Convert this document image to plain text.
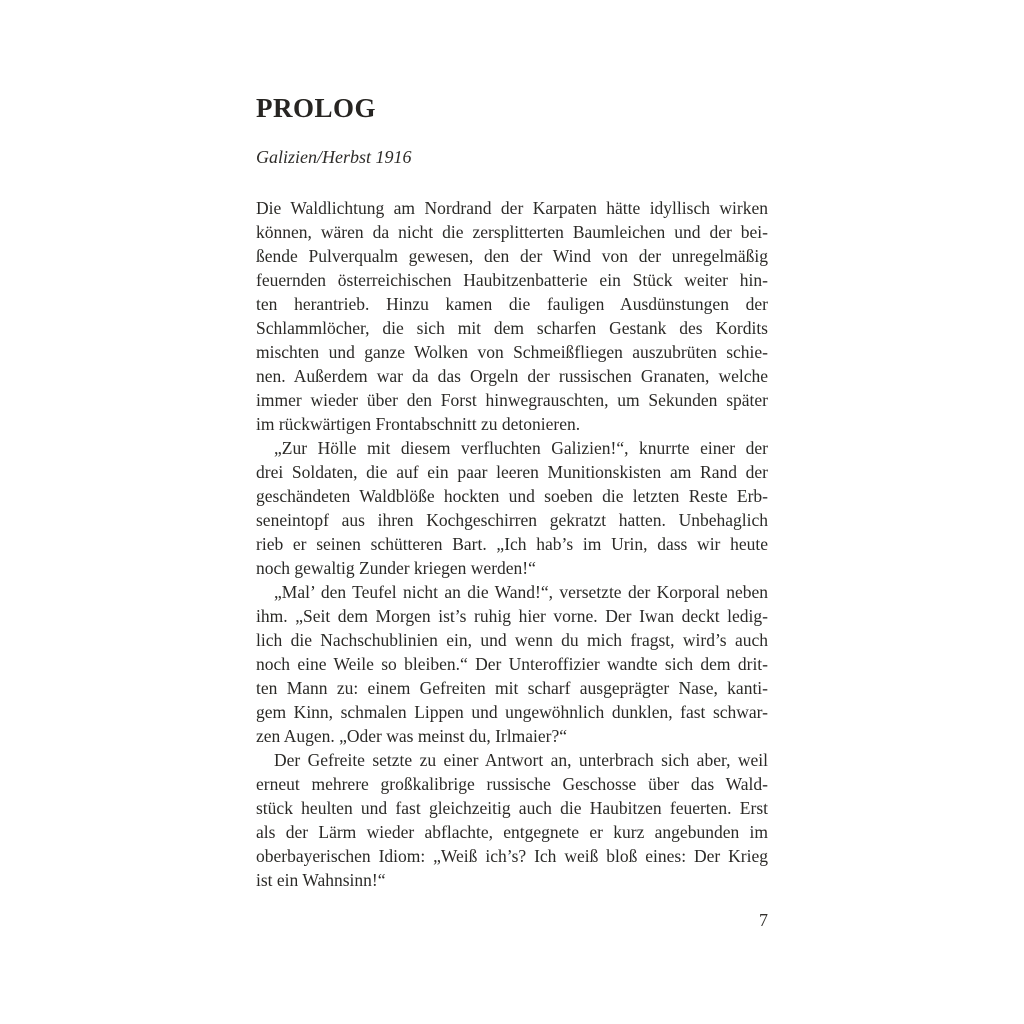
PROLOG
Galizien/Herbst 1916
Die Waldlichtung am Nordrand der Karpaten hätte idyllisch wirken
können, wären da nicht die zersplitterten Baumleichen und der bei-
ßende Pulverqualm gewesen, den der Wind von der unregelmäßig
feuernden österreichischen Haubitzenbatterie ein Stück weiter hin-
ten herantrieb. Hinzu kamen die fauligen Ausdünstungen der
Schlammlöcher, die sich mit dem scharfen Gestank des Kordits
mischten und ganze Wolken von Schmeißfliegen auszubrüten schie-
nen. Außerdem war da das Orgeln der russischen Granaten, welche
immer wieder über den Forst hinwegrauschten, um Sekunden später
im rückwärtigen Frontabschnitt zu detonieren.
„Zur Hölle mit diesem verfluchten Galizien!“, knurrte einer der
drei Soldaten, die auf ein paar leeren Munitionskisten am Rand der
geschändeten Waldblöße hockten und soeben die letzten Reste Erb-
seneintopf aus ihren Kochgeschirren gekratzt hatten. Unbehaglich
rieb er seinen schütteren Bart. „Ich hab’s im Urin, dass wir heute
noch gewaltig Zunder kriegen werden!“
„Mal’ den Teufel nicht an die Wand!“, versetzte der Korporal neben
ihm. „Seit dem Morgen ist’s ruhig hier vorne. Der Iwan deckt ledig-
lich die Nachschublinien ein, und wenn du mich fragst, wird’s auch
noch eine Weile so bleiben.“ Der Unteroffizier wandte sich dem drit-
ten Mann zu: einem Gefreiten mit scharf ausgeprägter Nase, kanti-
gem Kinn, schmalen Lippen und ungewöhnlich dunklen, fast schwar-
zen Augen. „Oder was meinst du, Irlmaier?“
Der Gefreite setzte zu einer Antwort an, unterbrach sich aber, weil
erneut mehrere großkalibrige russische Geschosse über das Wald-
stück heulten und fast gleichzeitig auch die Haubitzen feuerten. Erst
als der Lärm wieder abflachte, entgegnete er kurz angebunden im
oberbayerischen Idiom: „Weiß ich’s? Ich weiß bloß eines: Der Krieg
ist ein Wahnsinn!“
7
